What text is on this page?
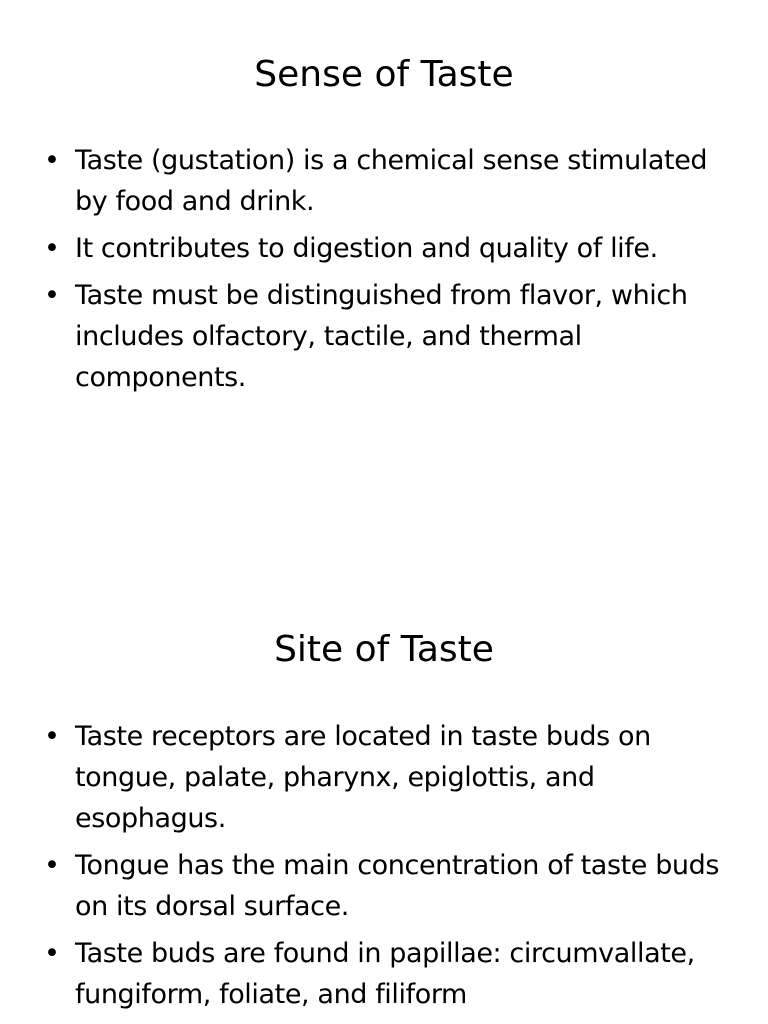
Sense of Taste
• Taste (gustation) is a chemical sense stimulated by food and drink.
• It contributes to digestion and quality of life.
• Taste must be distinguished from flavor, which includes olfactory, tactile, and thermal components.
Site of Taste
• Taste receptors are located in taste buds on tongue, palate, pharynx, epiglottis, and esophagus.
• Tongue has the main concentration of taste buds on its dorsal surface.
• Taste buds are found in papillae: circumvallate, fungiform, foliate, and filiform
